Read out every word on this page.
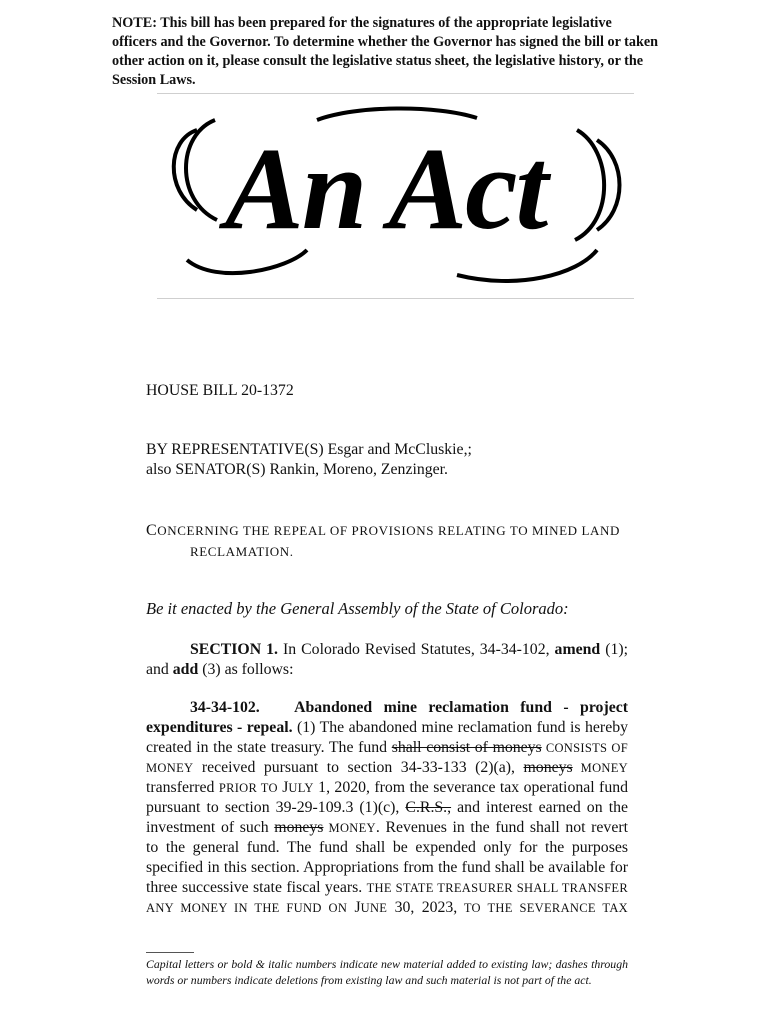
NOTE: This bill has been prepared for the signatures of the appropriate legislative officers and the Governor. To determine whether the Governor has signed the bill or taken other action on it, please consult the legislative status sheet, the legislative history, or the Session Laws.

An Act
HOUSE BILL 20-1372
BY REPRESENTATIVE(S) Esgar and McCluskie,;
also SENATOR(S) Rankin, Moreno, Zenzinger.
CONCERNING THE REPEAL OF PROVISIONS RELATING TO MINED LAND
RECLAMATION.
Be it enacted by the General Assembly of the State of Colorado:
SECTION 1. In Colorado Revised Statutes, 34-34-102, amend (1); and add (3) as follows:
34-34-102. Abandoned mine reclamation fund - project
expenditures - repeal. (1) The abandoned mine reclamation fund is hereby
created in the state treasury. The fund shall consist of moneys CONSISTS OF
MONEY received pursuant to section 34-33-133 (2)(a), moneys MONEY
transferred PRIOR TO JULY 1, 2020, from the severance tax operational fund
pursuant to section 39-29-109.3 (1)(c), C.R.S., and interest earned on the
investment of such moneys MONEY. Revenues in the fund shall not revert
to the general fund. The fund shall be expended only for the purposes
specified in this section. Appropriations from the fund shall be available for
three successive state fiscal years. THE STATE TREASURER SHALL TRANSFER
ANY MONEY IN THE FUND ON JUNE 30, 2023, TO THE SEVERANCE TAX
Capital letters or bold & italic numbers indicate new material added to existing law; dashes through words or numbers indicate deletions from existing law and such material is not part of the act.
